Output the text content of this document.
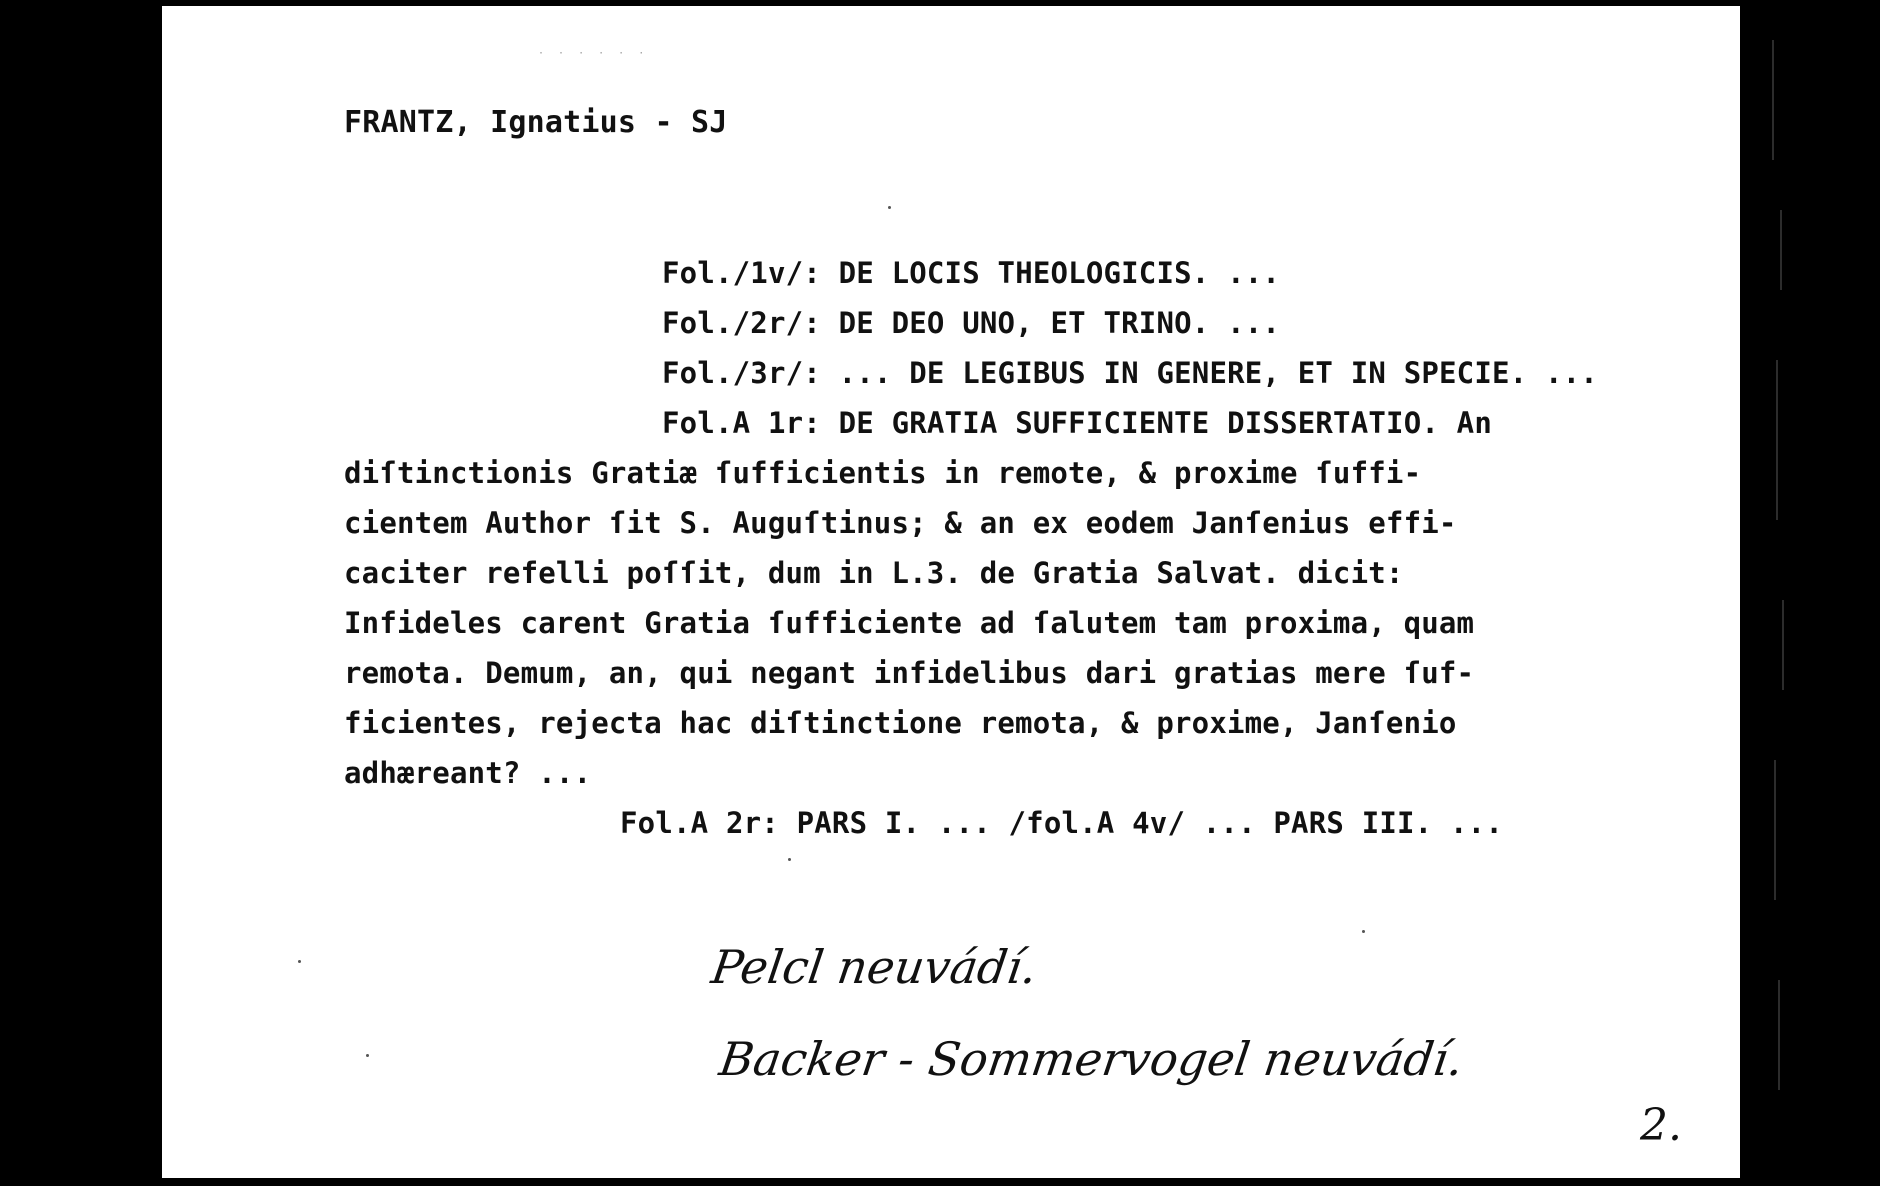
· · · · · ·
FRANTZ, Ignatius - SJ
Fol./1v/: DE LOCIS THEOLOGICIS. ...
Fol./2r/: DE DEO UNO, ET TRINO. ...
Fol./3r/: ... DE LEGIBUS IN GENERE, ET IN SPECIE. ...
Fol.A 1r: DE GRATIA SUFFICIENTE DISSERTATIO. An
diſtinctionis Gratiæ ſufficientis in remote, & proxime ſuffi-
cientem Author ſit S. Auguſtinus; & an ex eodem Janſenius effi-
caciter refelli poſſit, dum in L.3. de Gratia Salvat. dicit:
Infideles carent Gratia ſufficiente ad ſalutem tam proxima, quam
remota. Demum, an, qui negant infidelibus dari gratias mere ſuf-
ficientes, rejecta hac diſtinctione remota, & proxime, Janſenio
adhæreant? ...
Fol.A 2r: PARS I. ... /fol.A 4v/ ... PARS III. ...
Pelcl neuvádí.
Backer - Sommervogel neuvádí.
2.
